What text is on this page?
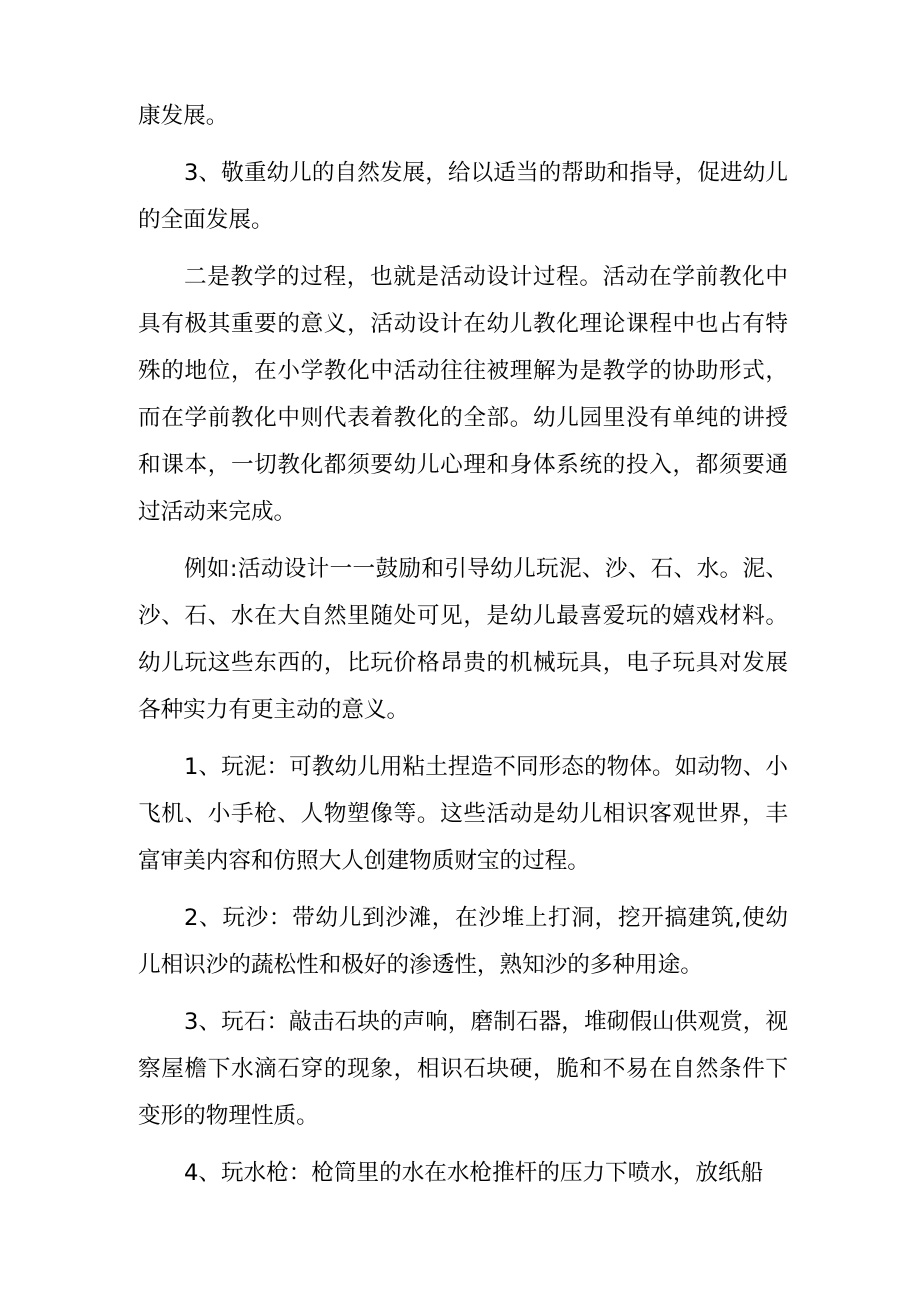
康发展。

3、敬重幼儿的自然发展，给以适当的帮助和指导，促进幼儿的全面发展。

二是教学的过程，也就是活动设计过程。活动在学前教化中具有极其重要的意义，活动设计在幼儿教化理论课程中也占有特殊的地位，在小学教化中活动往往被理解为是教学的协助形式，而在学前教化中则代表着教化的全部。幼儿园里没有单纯的讲授和课本，一切教化都须要幼儿心理和身体系统的投入，都须要通过活动来完成。

例如:活动设计一一鼓励和引导幼儿玩泥、沙、石、水。泥、沙、石、水在大自然里随处可见，是幼儿最喜爱玩的嬉戏材料。幼儿玩这些东西的，比玩价格昂贵的机械玩具，电子玩具对发展各种实力有更主动的意义。

1、玩泥：可教幼儿用粘土捏造不同形态的物体。如动物、小飞机、小手枪、人物塑像等。这些活动是幼儿相识客观世界，丰富审美内容和仿照大人创建物质财宝的过程。

2、玩沙：带幼儿到沙滩，在沙堆上打洞，挖开搞建筑,使幼儿相识沙的蔬松性和极好的渗透性，熟知沙的多种用途。

3、玩石：敲击石块的声响，磨制石器，堆砌假山供观赏，视察屋檐下水滴石穿的现象，相识石块硬，脆和不易在自然条件下变形的物理性质。

4、玩水枪：枪筒里的水在水枪推杆的压力下喷水，放纸船
